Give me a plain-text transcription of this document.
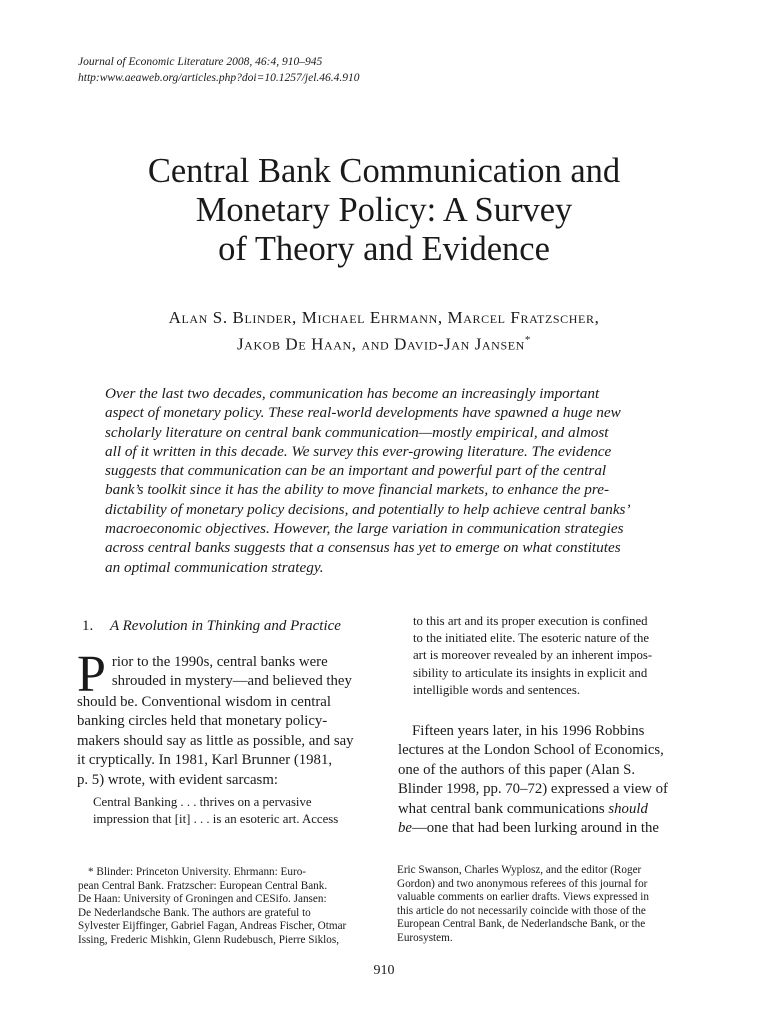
Journal of Economic Literature 2008, 46:4, 910–945
http:www.aeaweb.org/articles.php?doi=10.1257/jel.46.4.910
Central Bank Communication and
Monetary Policy: A Survey
of Theory and Evidence
Alan S. Blinder, Michael Ehrmann, Marcel Fratzscher,
Jakob De Haan, and David-Jan Jansen*
Over the last two decades, communication has become an increasingly important
aspect of monetary policy. These real-world developments have spawned a huge new
scholarly literature on central bank communication—mostly empirical, and almost
all of it written in this decade. We survey this ever-growing literature. The evidence
suggests that communication can be an important and powerful part of the central
bank’s toolkit since it has the ability to move financial markets, to enhance the pre-
dictability of monetary policy decisions, and potentially to help achieve central banks’
macroeconomic objectives. However, the large variation in communication strategies
across central banks suggests that a consensus has yet to emerge on what constitutes
an optimal communication strategy.
1. A Revolution in Thinking and Practice
P rior to the 1990s, central banks were
shrouded in mystery—and believed they
should be. Conventional wisdom in central
banking circles held that monetary policy-
makers should say as little as possible, and say
it cryptically. In 1981, Karl Brunner (1981,
p. 5) wrote, with evident sarcasm:
Central Banking . . . thrives on a pervasive
impression that [it] . . . is an esoteric art. Access
to this art and its proper execution is confined
to the initiated elite. The esoteric nature of the
art is moreover revealed by an inherent impos-
sibility to articulate its insights in explicit and
intelligible words and sentences.
Fifteen years later, in his 1996 Robbins
lectures at the London School of Economics,
one of the authors of this paper (Alan S.
Blinder 1998, pp. 70–72) expressed a view of
what central bank communications should
be—one that had been lurking around in the
* Blinder: Princeton University. Ehrmann: Euro-
pean Central Bank. Fratzscher: European Central Bank.
De Haan: University of Groningen and CESifo. Jansen:
De Nederlandsche Bank. The authors are grateful to
Sylvester Eijffinger, Gabriel Fagan, Andreas Fischer, Otmar
Issing, Frederic Mishkin, Glenn Rudebusch, Pierre Siklos,
Eric Swanson, Charles Wyplosz, and the editor (Roger
Gordon) and two anonymous referees of this journal for
valuable comments on earlier drafts. Views expressed in
this article do not necessarily coincide with those of the
European Central Bank, de Nederlandsche Bank, or the
Eurosystem.
910
